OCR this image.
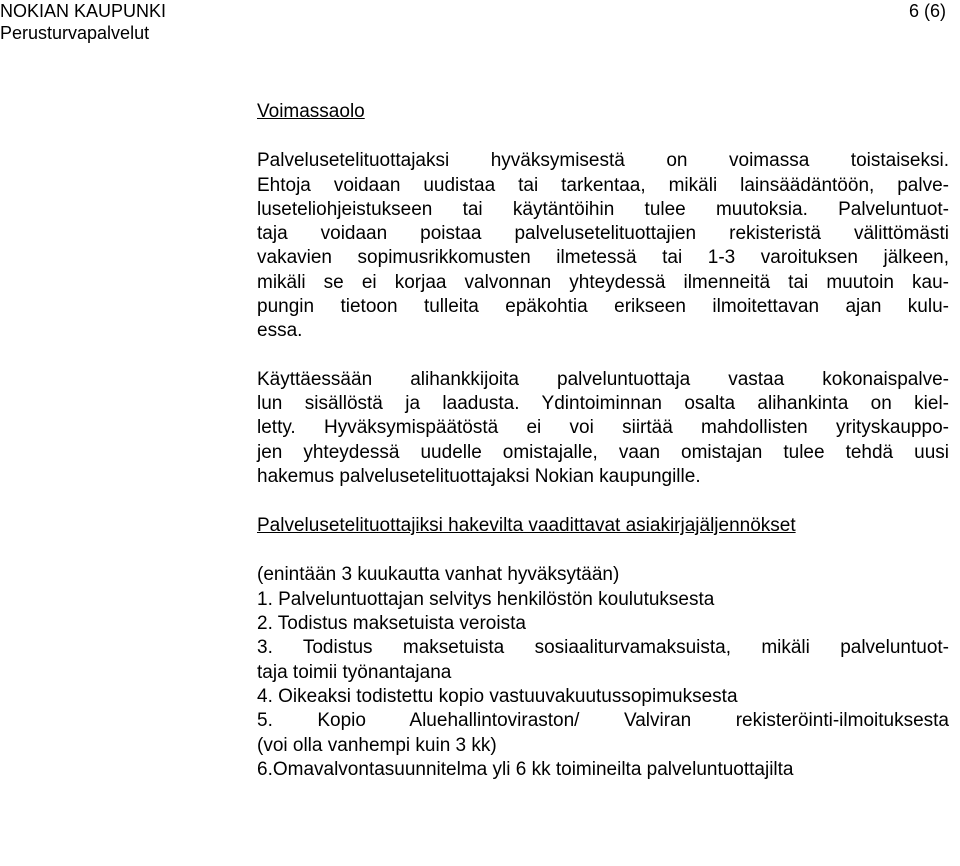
NOKIAN KAUPUNKI
Perusturvapalvelut
6 (6)
Voimassaolo
Palvelusetelituottajaksi hyväksymisestä on voimassa toistaiseksi.
Ehtoja voidaan uudistaa tai tarkentaa, mikäli lainsäädäntöön, palve-
luseteliohjeistukseen tai käytäntöihin tulee muutoksia. Palveluntuot-
taja voidaan poistaa palvelusetelituottajien rekisteristä välittömästi
vakavien sopimusrikkomusten ilmetessä tai 1-3 varoituksen jälkeen,
mikäli se ei korjaa valvonnan yhteydessä ilmenneitä tai muutoin kau-
pungin tietoon tulleita epäkohtia erikseen ilmoitettavan ajan kulu-
essa.
Käyttäessään alihankkijoita palveluntuottaja vastaa kokonaispalve-
lun sisällöstä ja laadusta. Ydintoiminnan osalta alihankinta on kiel-
letty. Hyväksymispäätöstä ei voi siirtää mahdollisten yrityskauppo-
jen yhteydessä uudelle omistajalle, vaan omistajan tulee tehdä uusi
hakemus palvelusetelituottajaksi Nokian kaupungille.
Palvelusetelituottajiksi hakevilta vaadittavat asiakirjajäljennökset
(enintään 3 kuukautta vanhat hyväksytään)
1. Palveluntuottajan selvitys henkilöstön koulutuksesta
2. Todistus maksetuista veroista
3. Todistus maksetuista sosiaaliturvamaksuista, mikäli palveluntuot-
taja toimii työnantajana
4. Oikeaksi todistettu kopio vastuuvakuutussopimuksesta
5. Kopio Aluehallintoviraston/ Valviran rekisteröinti-ilmoituksesta
(voi olla vanhempi kuin 3 kk)
6.Omavalvontasuunnitelma yli 6 kk toimineilta palveluntuottajilta
